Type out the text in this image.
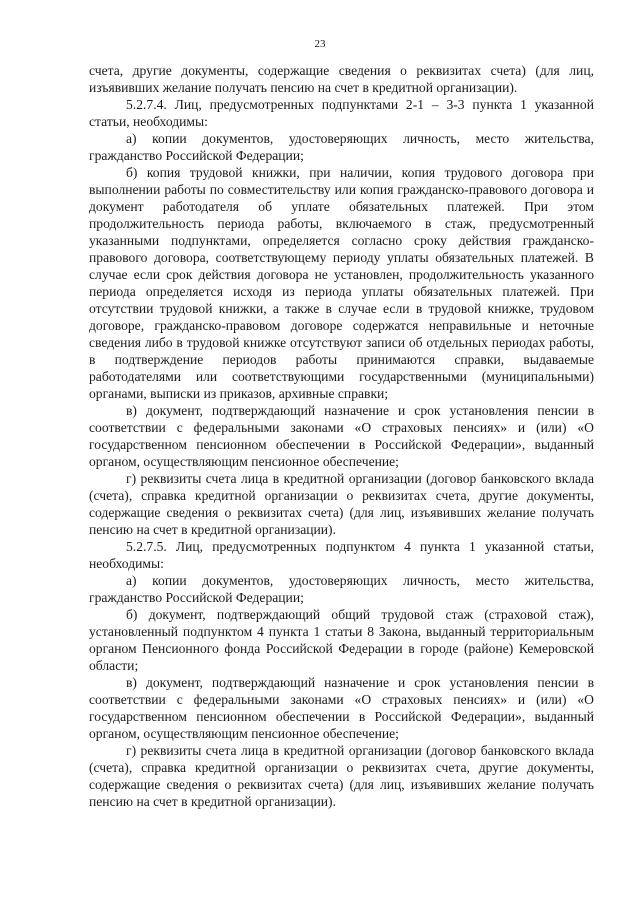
23

счета, другие документы, содержащие сведения о реквизитах счета) (для лиц, изъявивших желание получать пенсию на счет в кредитной организации).

5.2.7.4. Лиц, предусмотренных подпунктами 2-1 – 3-3 пункта 1 указанной статьи, необходимы:

а) копии документов, удостоверяющих личность, место жительства, гражданство Российской Федерации;

б) копия трудовой книжки, при наличии, копия трудового договора при выполнении работы по совместительству или копия гражданско-правового договора и документ работодателя об уплате обязательных платежей. При этом продолжительность периода работы, включаемого в стаж, предусмотренный указанными подпунктами, определяется согласно сроку действия гражданско-правового договора, соответствующему периоду уплаты обязательных платежей. В случае если срок действия договора не установлен, продолжительность указанного периода определяется исходя из периода уплаты обязательных платежей. При отсутствии трудовой книжки, а также в случае если в трудовой книжке, трудовом договоре, гражданско-правовом договоре содержатся неправильные и неточные сведения либо в трудовой книжке отсутствуют записи об отдельных периодах работы, в подтверждение периодов работы принимаются справки, выдаваемые работодателями или соответствующими государственными (муниципальными) органами, выписки из приказов, архивные справки;

в) документ, подтверждающий назначение и срок установления пенсии в соответствии с федеральными законами «О страховых пенсиях» и (или) «О государственном пенсионном обеспечении в Российской Федерации», выданный органом, осуществляющим пенсионное обеспечение;

г) реквизиты счета лица в кредитной организации (договор банковского вклада (счета), справка кредитной организации о реквизитах счета, другие документы, содержащие сведения о реквизитах счета) (для лиц, изъявивших желание получать пенсию на счет в кредитной организации).

5.2.7.5. Лиц, предусмотренных подпунктом 4 пункта 1 указанной статьи, необходимы:

а) копии документов, удостоверяющих личность, место жительства, гражданство Российской Федерации;

б) документ, подтверждающий общий трудовой стаж (страховой стаж), установленный подпунктом 4 пункта 1 статьи 8 Закона, выданный территориальным органом Пенсионного фонда Российской Федерации в городе (районе) Кемеровской области;

в) документ, подтверждающий назначение и срок установления пенсии в соответствии с федеральными законами «О страховых пенсиях» и (или) «О государственном пенсионном обеспечении в Российской Федерации», выданный органом, осуществляющим пенсионное обеспечение;

г) реквизиты счета лица в кредитной организации (договор банковского вклада (счета), справка кредитной организации о реквизитах счета, другие документы, содержащие сведения о реквизитах счета) (для лиц, изъявивших желание получать пенсию на счет в кредитной организации).
